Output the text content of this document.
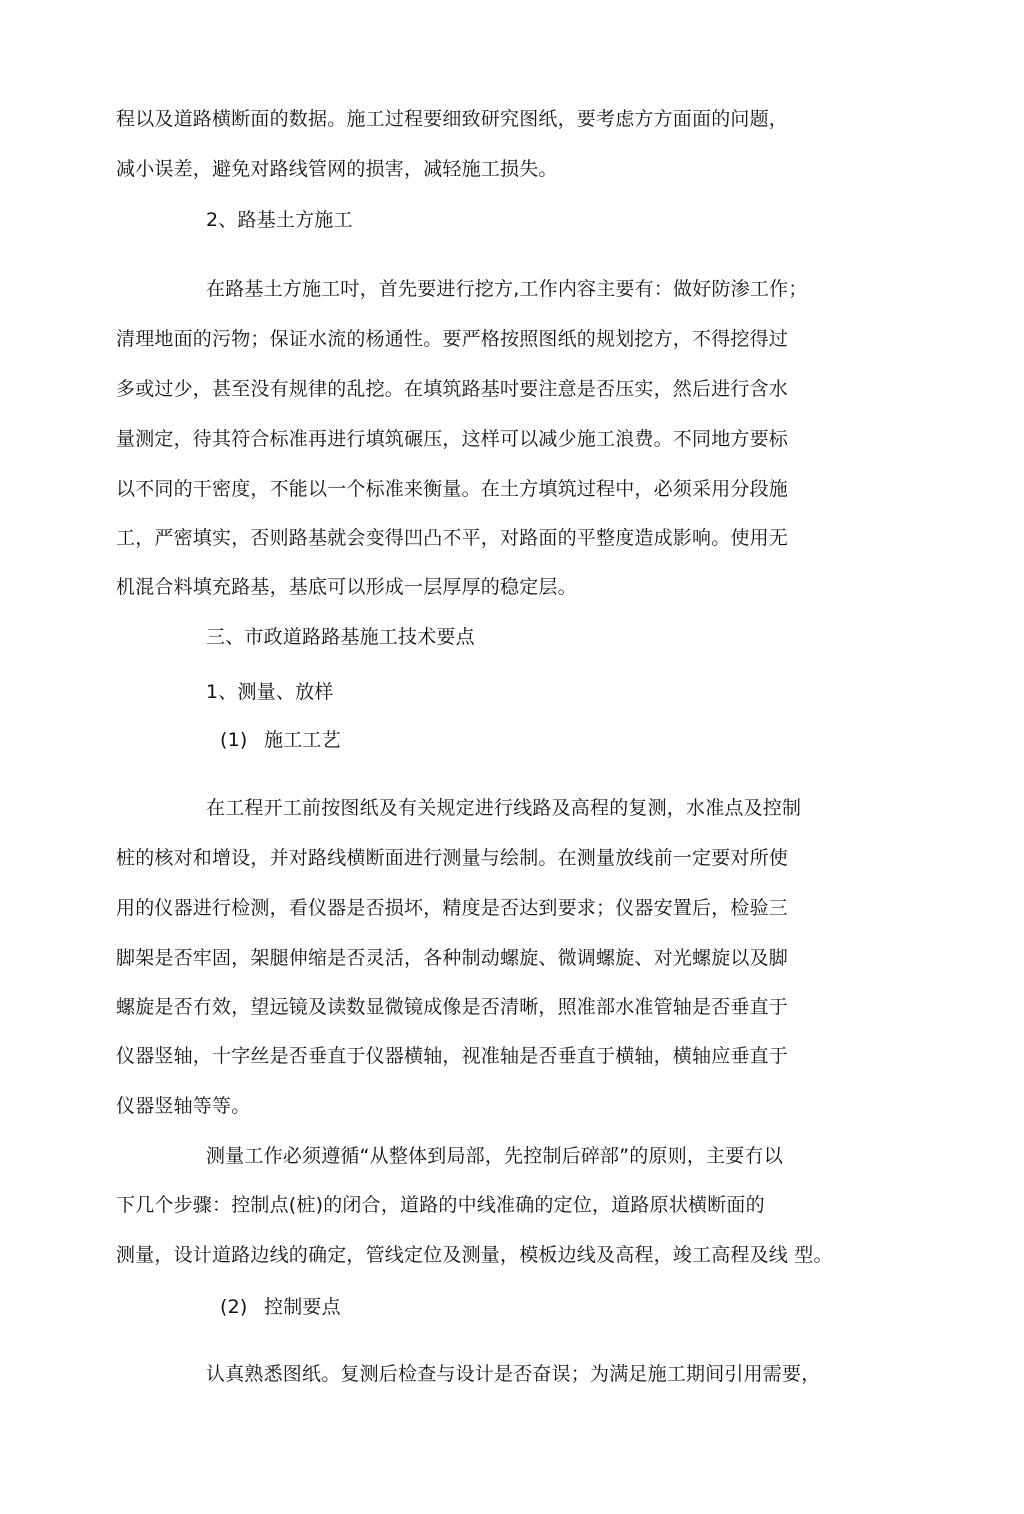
程以及道路横断面的数据。施工过程要细致研究图纸，要考虑方方面面的问题，
减小误差，避免对路线管网的损害，减轻施工损失。
2、路基土方施工
在路基土方施工吋，首先要进行挖方,工作内容主要有：做好防渗工作；
清理地面的污物；保证水流的杨通性。要严格按照图纸的规划挖方，不得挖得过
多或过少，甚至没有规律的乱挖。在填筑路基吋要注意是否压实，然后进行含水
量测定，待其符合标准再进行填筑碾压，这样可以减少施工浪费。不同地方要标
以不同的干密度，不能以一个标准来衡量。在土方填筑过程中，必须采用分段施
工，严密填实，否则路基就会变得凹凸不平，对路面的平整度造成影响。使用无
机混合料填充路基，基底可以形成一层厚厚的稳定层。
三、市政道路路基施工技术要点
1、测量、放样
(1) 施工工艺
在工程开工前按图纸及有关规定进行线路及高程的复测，水准点及控制
桩的核对和增设，并对路线横断面进行测量与绘制。在测量放线前一定要对所使
用的仪器进行检测，看仪器是否损坏，精度是否达到要求；仪器安置后，检验三
脚架是否牢固，架腿伸缩是否灵活，各种制动螺旋、微调螺旋、对光螺旋以及脚
螺旋是否冇效，望远镜及读数显微镜成像是否清晰，照准部水准管轴是否垂直于
仪器竖轴，十字丝是否垂直于仪器横轴，视准轴是否垂直于横轴，横轴应垂直于
仪器竖轴等等。
测量工作必须遵循“从整体到局部，先控制后碎部”的原则，主要冇以
下几个步骤：控制点(桩)的闭合，道路的中线准确的定位，道路原状横断面的
测量，设计道路边线的确定，管线定位及测量，模板边线及高程，竣工高程及线 型。
(2) 控制要点
认真熟悉图纸。复测后检查与设计是否奋误；为满足施工期间引用需要，
